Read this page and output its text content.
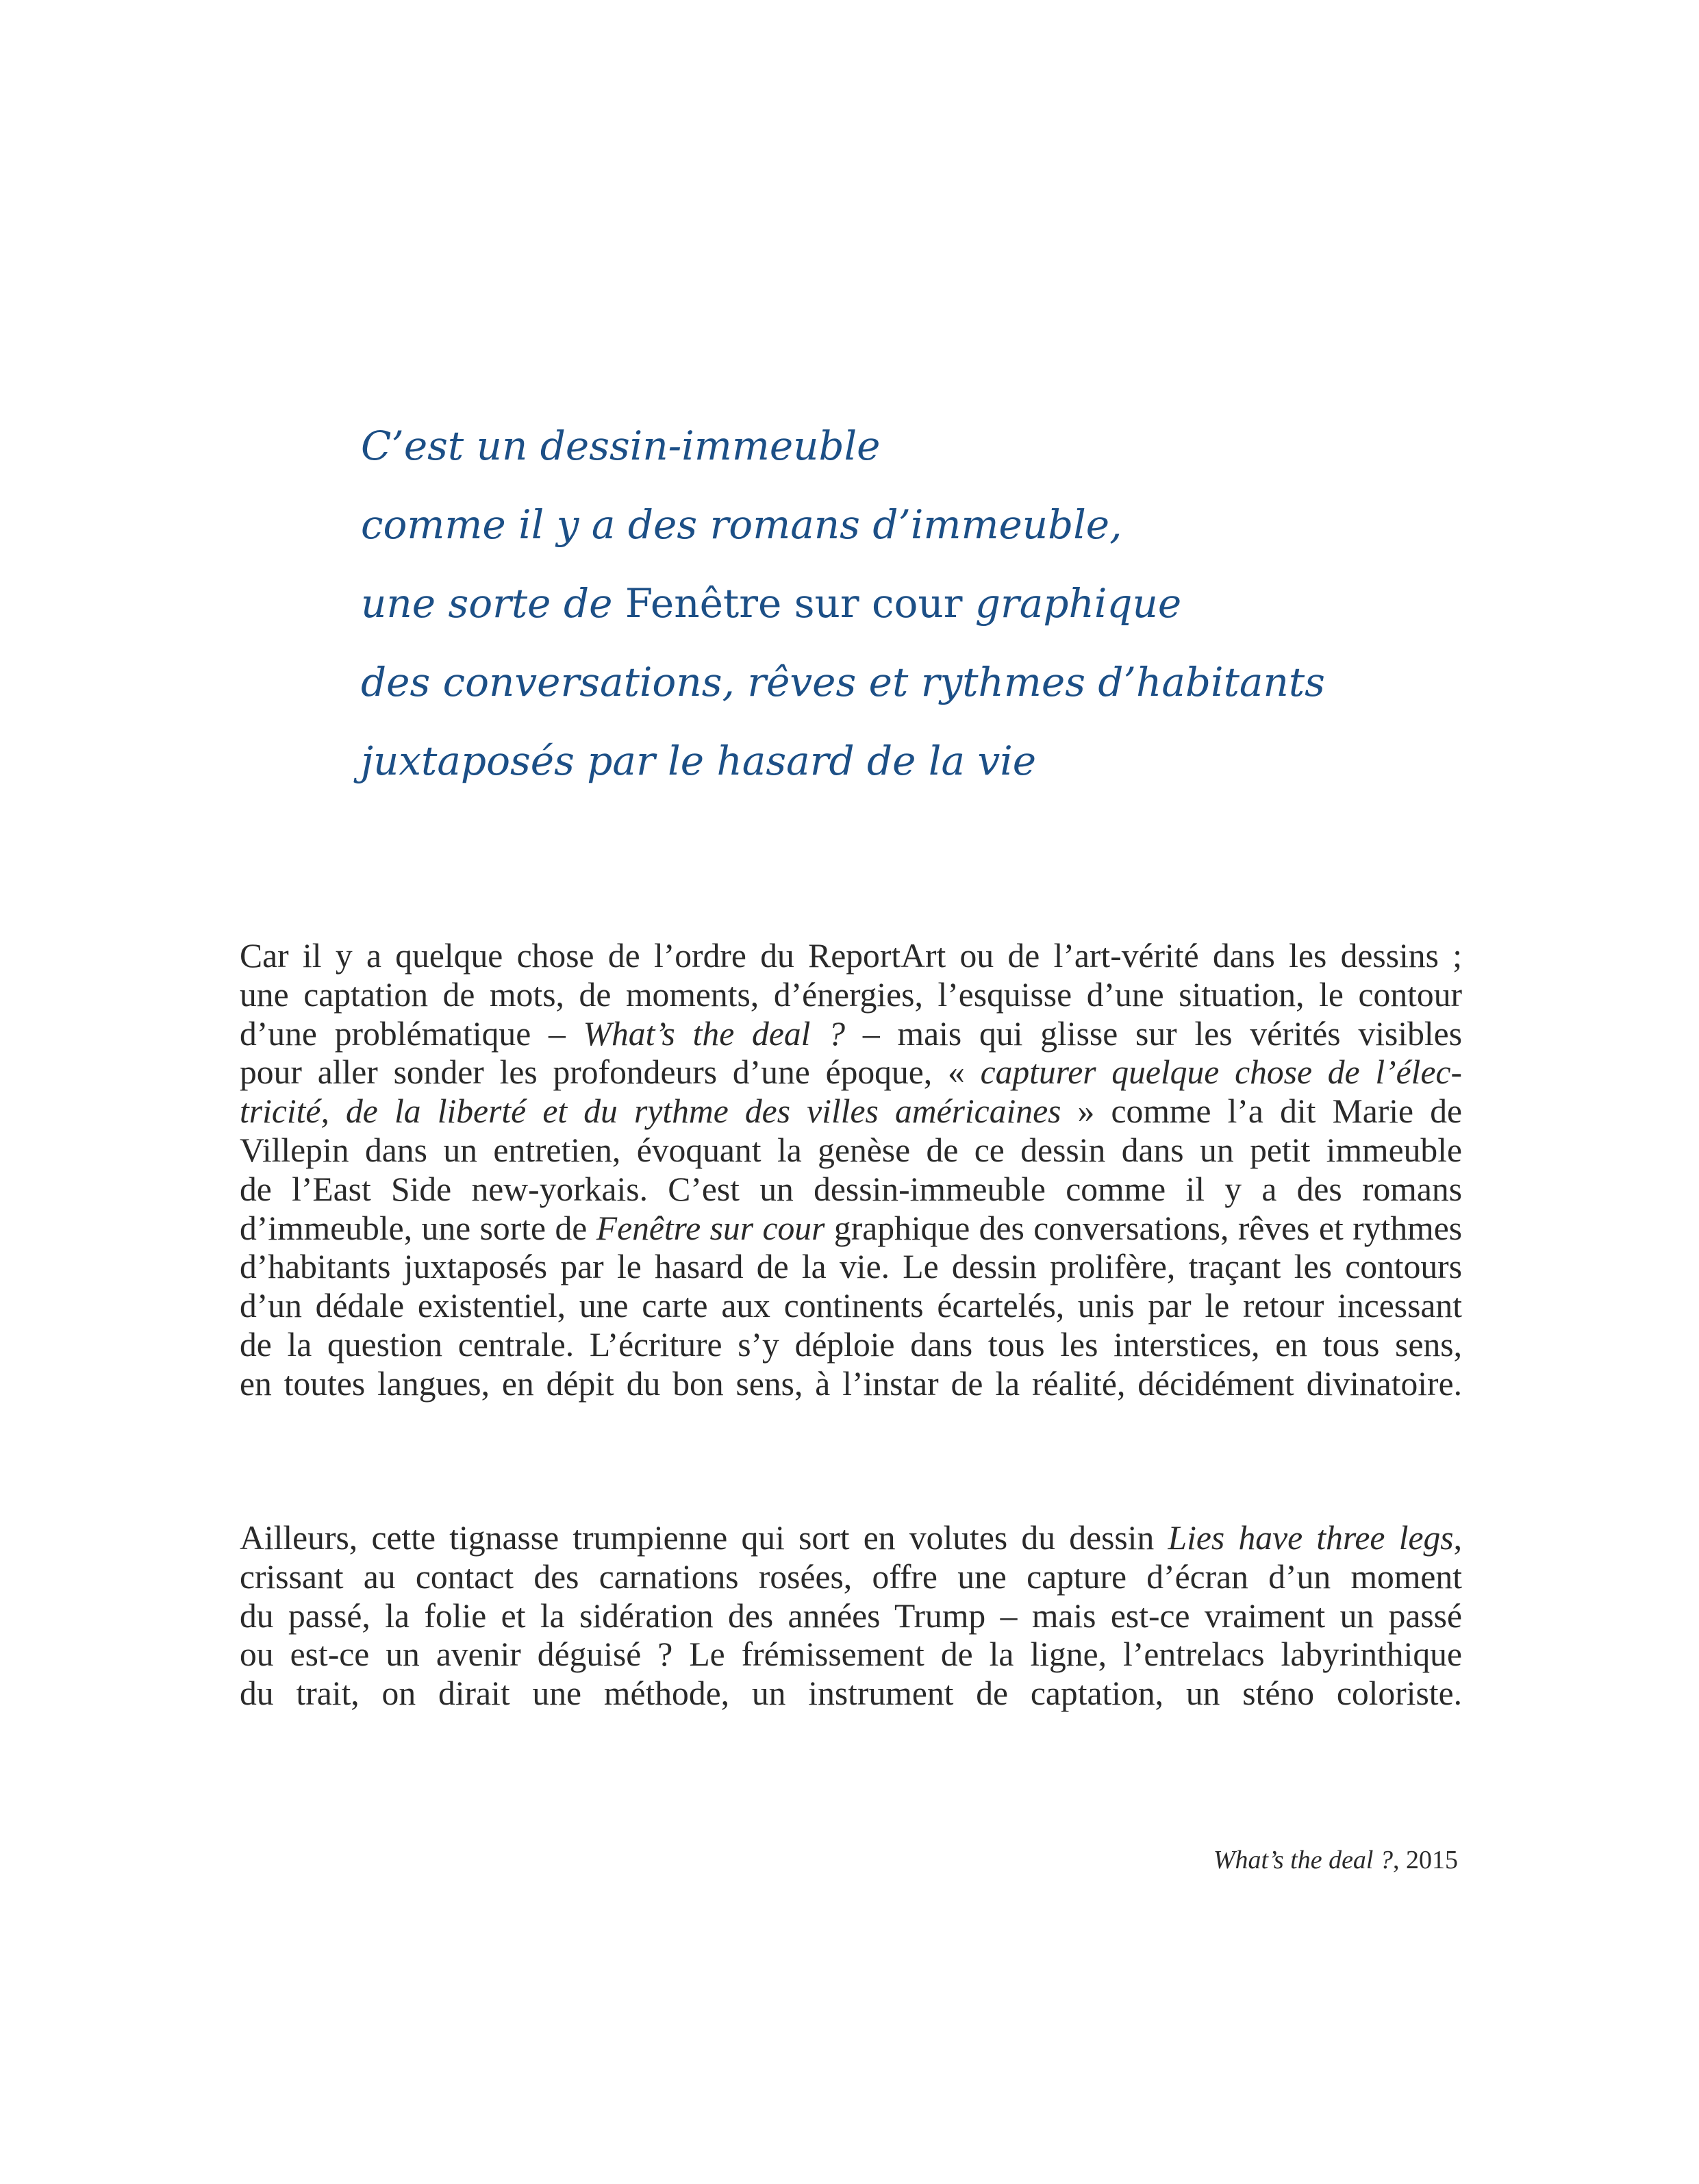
C’est un dessin-immeuble
comme il y a des romans d’immeuble,
une sorte de Fenêtre sur cour graphique
des conversations, rêves et rythmes d’habitants
juxtaposés par le hasard de la vie
Car il y a quelque chose de l’ordre du ReportArt ou de l’art-vérité dans les dessins ;
une captation de mots, de moments, d’énergies, l’esquisse d’une situation, le contour
d’une problématique – What’s the deal ? – mais qui glisse sur les vérités visibles
pour aller sonder les profondeurs d’une époque, « capturer quelque chose de l’élec-
tricité, de la liberté et du rythme des villes américaines » comme l’a dit Marie de
Villepin dans un entretien, évoquant la genèse de ce dessin dans un petit immeuble
de l’East Side new-yorkais. C’est un dessin-immeuble comme il y a des romans
d’immeuble, une sorte de Fenêtre sur cour graphique des conversations, rêves et rythmes
d’habitants juxtaposés par le hasard de la vie. Le dessin prolifère, traçant les contours
d’un dédale existentiel, une carte aux continents écartelés, unis par le retour incessant
de la question centrale. L’écriture s’y déploie dans tous les interstices, en tous sens,
en toutes langues, en dépit du bon sens, à l’instar de la réalité, décidément divinatoire.
Ailleurs, cette tignasse trumpienne qui sort en volutes du dessin Lies have three legs,
crissant au contact des carnations rosées, offre une capture d’écran d’un moment
du passé, la folie et la sidération des années Trump – mais est-ce vraiment un passé
ou est-ce un avenir déguisé ? Le frémissement de la ligne, l’entrelacs labyrinthique
du trait, on dirait une méthode, un instrument de captation, un sténo coloriste.
What’s the deal ?, 2015
